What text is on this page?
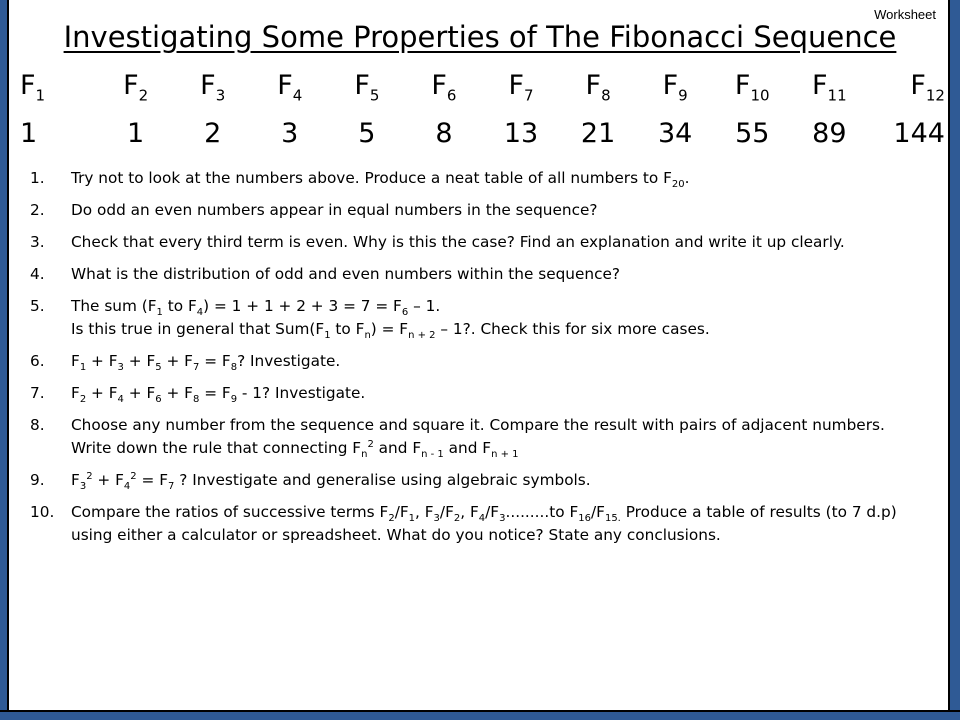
Worksheet
Investigating Some Properties of The Fibonacci Sequence
$F_1$	$F_2$	$F_3$	$F_4$	$F_5$	$F_6$	$F_7$	$F_8$	$F_9$	$F_{10}$	$F_{11}$	$F_{12}$
1	1	2	3	5	8	13	21	34	55	89	144
1.	Try not to look at the numbers above. Produce a neat table of all numbers to $F_{20}$.
2.	Do odd an even numbers appear in equal numbers in the sequence?
3.	Check that every third term is even. Why is this the case? Find an explanation and write it up clearly.
4.	What is the distribution of odd and even numbers within the sequence?
5.	The sum ($F_1$ to $F_4) = 1 + 1 + 2 + 3 = 7 = F_6 - 1$.
Is this true in general that $Sum(F_1$ to $F_n) = F_{n + 2} - 1$?. Check this for six more cases.
6.	$F_1 + F_3 + F_5 + F_7 = F_8$? Investigate.
7.	$F_2 + F_4 + F_6 + F_8 = F_9 - 1$? Investigate.
8.	Choose any number from the sequence and square it. Compare the result with pairs of adjacent numbers. Write down the rule that connecting $F_n^2$ and $F_{n - 1}$ and $F_{n + 1}$
9.	$F_3^2 + F_4^2 = F_7$ ? Investigate and generalise using algebraic symbols.
10.	Compare the ratios of successive terms $F_2/F_1$, $F_3/F_2$, $F_4/F_3.........to$ $F_{16}/F_{15.}$ Produce a table of results (to 7 d.p) using either a calculator or spreadsheet. What do you notice? State any conclusions.
